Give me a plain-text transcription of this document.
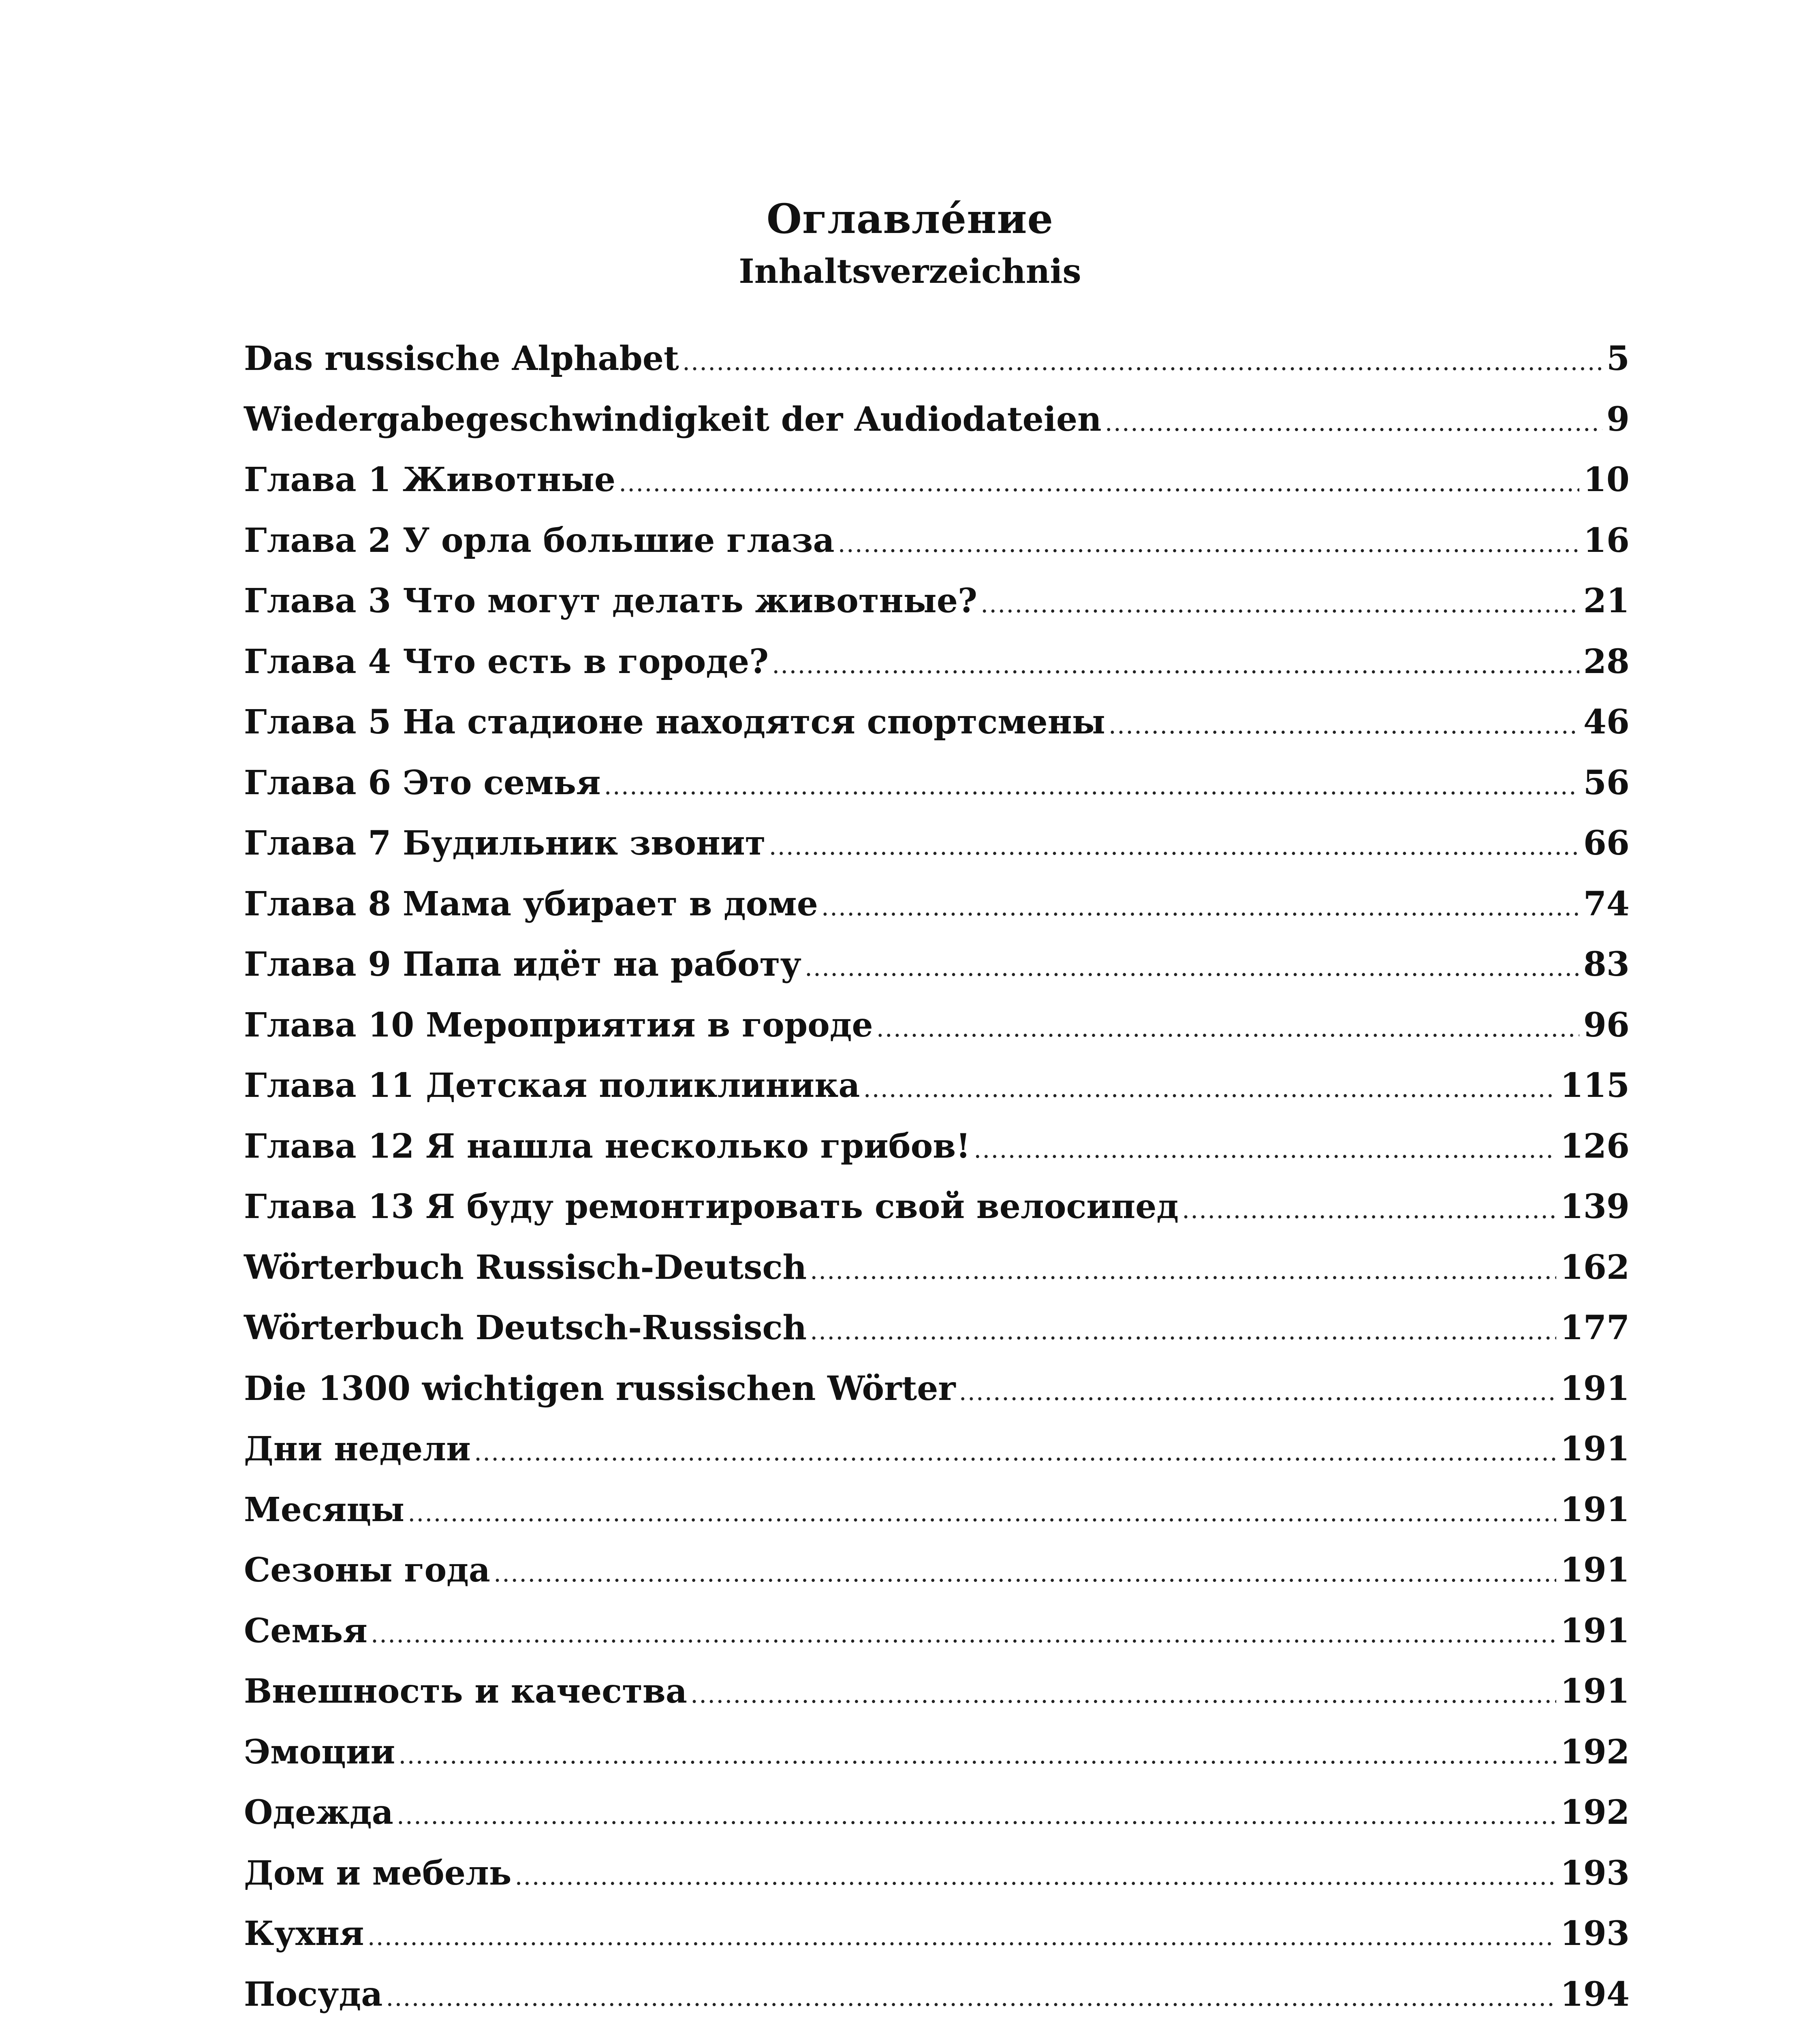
Оглавле́ние
Inhaltsverzeichnis
Das russische Alphabet .....	5
Wiedergabegeschwindigkeit der Audiodateien .....	9
Глава 1 Животные .....	10
Глава 2 У орла большие глаза .....	16
Глава 3 Что могут делать животные? .....	21
Глава 4 Что есть в городе? .....	28
Глава 5 На стадионе находятся спортсмены .....	46
Глава 6 Это семья .....	56
Глава 7 Будильник звонит .....	66
Глава 8 Мама убирает в доме .....	74
Глава 9 Папа идёт на работу .....	83
Глава 10 Мероприятия в городе .....	96
Глава 11 Детская поликлиника .....	115
Глава 12 Я нашла несколько грибов! .....	126
Глава 13 Я буду ремонтировать свой велосипед .....	139
Wörterbuch Russisch-Deutsch .....	162
Wörterbuch Deutsch-Russisch .....	177
Die 1300 wichtigen russischen Wörter .....	191
Дни недели .....	191
Месяцы .....	191
Сезоны года .....	191
Семья .....	191
Внешность и качества .....	191
Эмоции .....	192
Одежда .....	192
Дом и мебель .....	193
Кухня .....	193
Посуда .....	194
